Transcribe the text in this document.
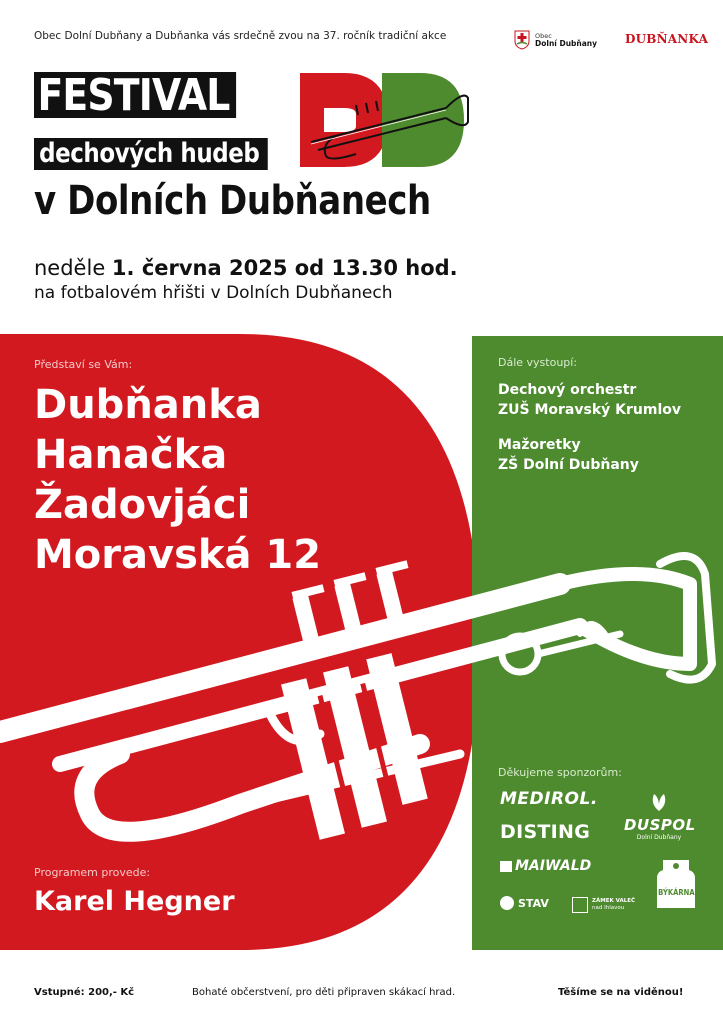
Obec Dolní Dubňany a Dubňanka vás srdečně zvou na 37. ročník tradiční akce	Obec
Dolní Dubňany DUBŇANKA
FESTIVAL
dechových hudeb
v Dolních Dubňanech
neděle 1. června 2025 od 13.30 hod.
na fotbalovém hřišti v Dolních Dubňanech
Představí se Vám:
Dubňanka
Hanačka
Žadovjáci
Moravská 12
Programem provede:
Karel Hegner
Dále vystoupí:
Dechový orchestr
ZUŠ Moravský Krumlov
Mažoretky
ZŠ Dolní Dubňany
Děkujeme sponzorům:
MEDIROL.
DISTING
MAIWALD
STAV	ZÁMEK VALEČ
nad Ihlavou
DUSPOL
Dolní Dubňany
BÝKÁRNA
Vstupné: 200,- Kč	Bohaté občerstvení, pro děti připraven skákací hrad.	Těšíme se na viděnou!
